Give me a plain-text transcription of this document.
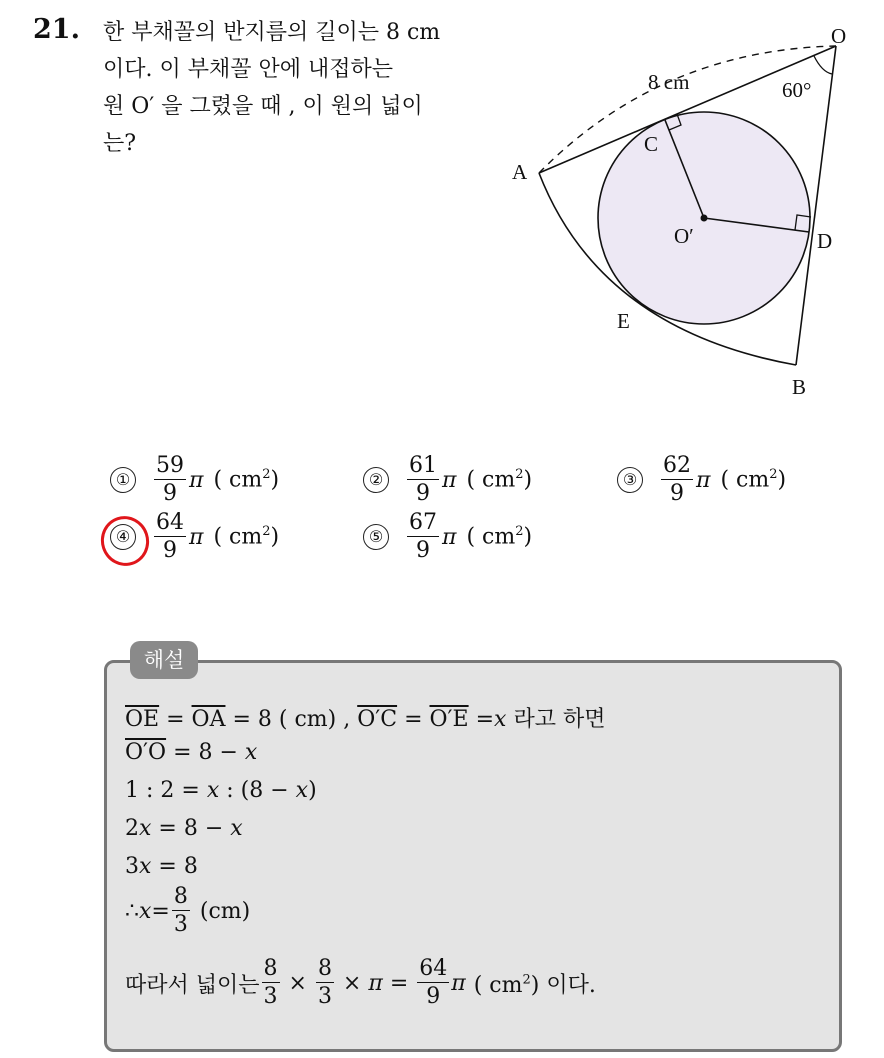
21. 한 부채꼴의 반지름의 길이는 8 cm
이다. 이 부채꼴 안에 내접하는
원 O′ 을 그렸을 때 , 이 원의 넓이
는?
O
A
B
C
D
E
O′
8 cm	60°
① $\frac{59}{9}$ π ( $cm^2$)	② $\frac{61}{9}$ π ( $cm^2$)	③ $\frac{62}{9}$ π ( $cm^2$)
④ $\frac{64}{9}$ π ( $cm^2$)	⑤ $\frac{67}{9}$ π ( $cm^2$)
해설
$\overline{OE} = \overline{OA} = 8$ ( cm) , O′C = O′E =x 라고 하면
O′O = 8 − x
1 : 2 = x : (8 − x)
2x = 8 − x
3x = 8
∴ $x = \frac{8}{3} (cm)$
따라서 넓이는 $\frac{8}{3} \times \frac{8}{3} \times \pi = \frac{64}{9}$ π ( $cm^2$) 이다.
